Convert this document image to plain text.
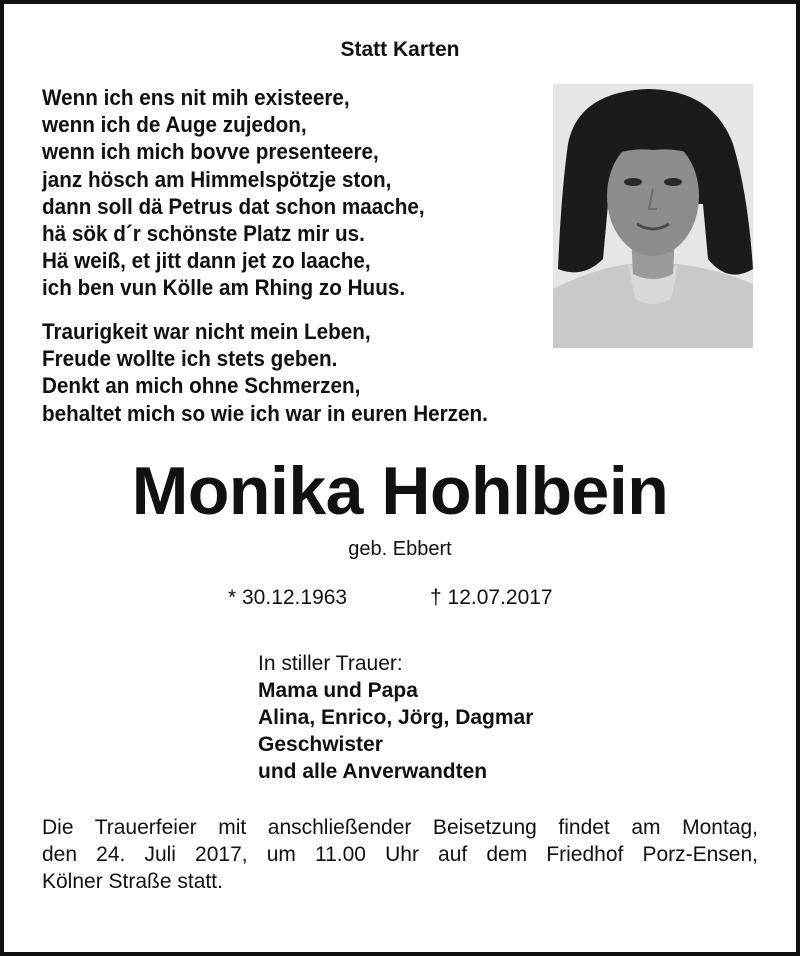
Statt Karten
Wenn ich ens nit mih existeere,
wenn ich de Auge zujedon,
wenn ich mich bovve presenteere,
janz hösch am Himmelspötzje ston,
dann soll dä Petrus dat schon maache,
hä sök d´r schönste Platz mir us.
Hä weiß, et jitt dann jet zo laache,
ich ben vun Kölle am Rhing zo Huus.
Traurigkeit war nicht mein Leben,
Freude wollte ich stets geben.
Denkt an mich ohne Schmerzen,
behaltet mich so wie ich war in euren Herzen.
Monika Hohlbein
geb. Ebbert
* 30.12.1963	† 12.07.2017
In stiller Trauer:
Mama und Papa
Alina, Enrico, Jörg, Dagmar
Geschwister
und alle Anverwandten
Die Trauerfeier mit anschließender Beisetzung findet am Montag,
den 24. Juli 2017, um 11.00 Uhr auf dem Friedhof Porz-Ensen,
Kölner Straße statt.
